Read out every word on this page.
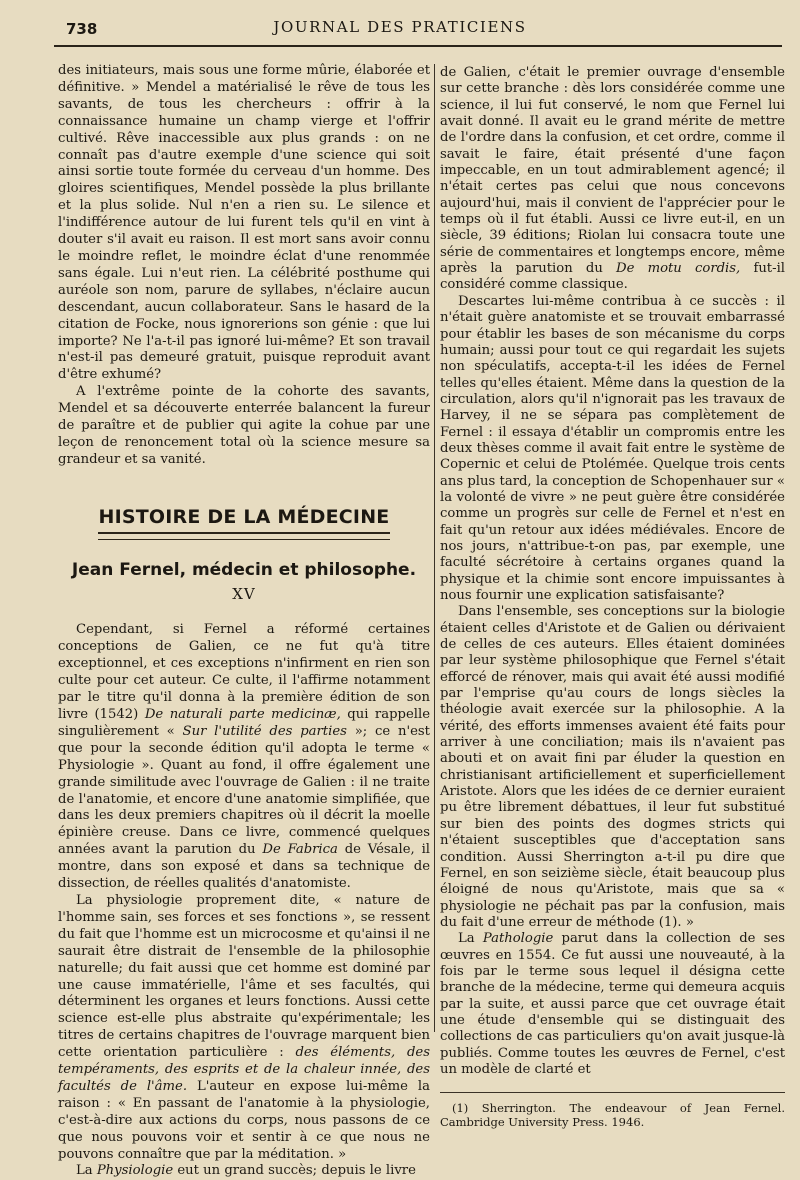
738	JOURNAL DES PRATICIENS

des initiateurs, mais sous une forme mûrie, élaborée et définitive. » Mendel a matérialisé le rêve de tous les savants, de tous les chercheurs : offrir à la connaissance humaine un champ vierge et l'offrir cultivé. Rêve inaccessible aux plus grands : on ne connaît pas d'autre exemple d'une science qui soit ainsi sortie toute formée du cerveau d'un homme. Des gloires scientifiques, Mendel possède la plus brillante et la plus solide. Nul n'en a rien su. Le silence et l'indifférence autour de lui furent tels qu'il en vint à douter s'il avait eu raison. Il est mort sans avoir connu le moindre reflet, le moindre éclat d'une renommée sans égale. Lui n'eut rien. La célébrité posthume qui auréole son nom, parure de syllabes, n'éclaire aucun descendant, aucun collaborateur. Sans le hasard de la citation de Focke, nous ignorerions son génie : que lui importe? Ne l'a-t-il pas ignoré lui-même? Et son travail n'est-il pas demeuré gratuit, puisque reproduit avant d'être exhumé?

A l'extrême pointe de la cohorte des savants, Mendel et sa découverte enterrée balancent la fureur de paraître et de publier qui agite la cohue par une leçon de renoncement total où la science mesure sa grandeur et sa vanité.

HISTOIRE DE LA MÉDECINE
Jean Fernel, médecin et philosophe.
XV

Cependant, si Fernel a réformé certaines conceptions de Galien, ce ne fut qu'à titre exceptionnel, et ces exceptions n'infirment en rien son culte pour cet auteur. Ce culte, il l'affirme notamment par le titre qu'il donna à la première édition de son livre (1542) De naturali parte medicinæ, qui rappelle singulièrement « Sur l'utilité des parties »; ce n'est que pour la seconde édition qu'il adopta le terme « Physiologie ». Quant au fond, il offre également une grande similitude avec l'ouvrage de Galien : il ne traite de l'anatomie, et encore d'une anatomie simplifiée, que dans les deux premiers chapitres où il décrit la moelle épinière creuse. Dans ce livre, commencé quelques années avant la parution du De Fabrica de Vésale, il montre, dans son exposé et dans sa technique de dissection, de réelles qualités d'anatomiste.

La physiologie proprement dite, « nature de l'homme sain, ses forces et ses fonctions », se ressent du fait que l'homme est un microcosme et qu'ainsi il ne saurait être distrait de l'ensemble de la philosophie naturelle; du fait aussi que cet homme est dominé par une cause immatérielle, l'âme et ses facultés, qui déterminent les organes et leurs fonctions. Aussi cette science est-elle plus abstraite qu'expérimentale; les titres de certains chapitres de l'ouvrage marquent bien cette orientation particulière : des éléments, des tempéraments, des esprits et de la chaleur innée, des facultés de l'âme. L'auteur en expose lui-même la raison : « En passant de l'anatomie à la physiologie, c'est-à-dire aux actions du corps, nous passons de ce que nous pouvons voir et sentir à ce que nous ne pouvons connaître que par la méditation. »

La Physiologie eut un grand succès; depuis le livre

de Galien, c'était le premier ouvrage d'ensemble sur cette branche : dès lors considérée comme une science, il lui fut conservé, le nom que Fernel lui avait donné. Il avait eu le grand mérite de mettre de l'ordre dans la confusion, et cet ordre, comme il savait le faire, était présenté d'une façon impeccable, en un tout admirablement agencé; il n'était certes pas celui que nous concevons aujourd'hui, mais il convient de l'apprécier pour le temps où il fut établi. Aussi ce livre eut-il, en un siècle, 39 éditions; Riolan lui consacra toute une série de commentaires et longtemps encore, même après la parution du De motu cordis, fut-il considéré comme classique.

Descartes lui-même contribua à ce succès : il n'était guère anatomiste et se trouvait embarrassé pour établir les bases de son mécanisme du corps humain; aussi pour tout ce qui regardait les sujets non spéculatifs, accepta-t-il les idées de Fernel telles qu'elles étaient. Même dans la question de la circulation, alors qu'il n'ignorait pas les travaux de Harvey, il ne se sépara pas complètement de Fernel : il essaya d'établir un compromis entre les deux thèses comme il avait fait entre le système de Copernic et celui de Ptolémée. Quelque trois cents ans plus tard, la conception de Schopenhauer sur « la volonté de vivre » ne peut guère être considérée comme un progrès sur celle de Fernel et n'est en fait qu'un retour aux idées médiévales. Encore de nos jours, n'attribue-t-on pas, par exemple, une faculté sécrétoire à certains organes quand la physique et la chimie sont encore impuissantes à nous fournir une explication satisfaisante?

Dans l'ensemble, ses conceptions sur la biologie étaient celles d'Aristote et de Galien ou dérivaient de celles de ces auteurs. Elles étaient dominées par leur système philosophique que Fernel s'était efforcé de rénover, mais qui avait été aussi modifié par l'emprise qu'au cours de longs siècles la théologie avait exercée sur la philosophie. A la vérité, des efforts immenses avaient été faits pour arriver à une conciliation; mais ils n'avaient pas abouti et on avait fini par éluder la question en christianisant artificiellement et superficiellement Aristote. Alors que les idées de ce dernier euraient pu être librement débattues, il leur fut substitué sur bien des points des dogmes stricts qui n'étaient susceptibles que d'acceptation sans condition. Aussi Sherrington a-t-il pu dire que Fernel, en son seizième siècle, était beaucoup plus éloigné de nous qu'Aristote, mais que sa « physiologie ne péchait pas par la confusion, mais du fait d'une erreur de méthode (1). »

La Pathologie parut dans la collection de ses œuvres en 1554. Ce fut aussi une nouveauté, à la fois par le terme sous lequel il désigna cette branche de la médecine, terme qui demeura acquis par la suite, et aussi parce que cet ouvrage était une étude d'ensemble qui se distinguait des collections de cas particuliers qu'on avait jusque-là publiés. Comme toutes les œuvres de Fernel, c'est un modèle de clarté et

(1) Sherrington. The endeavour of Jean Fernel. Cambridge University Press. 1946.
